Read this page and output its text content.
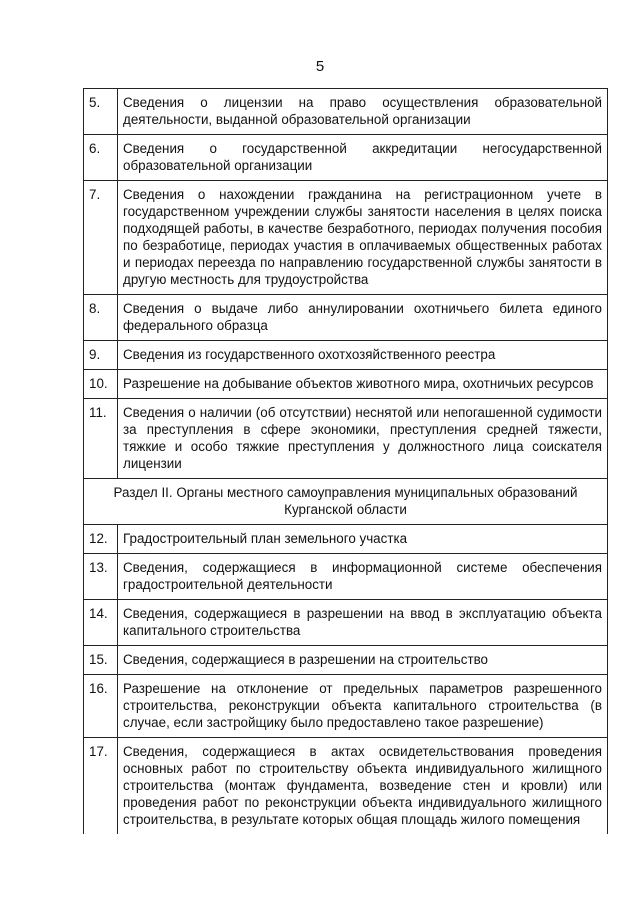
5
5.	Сведения о лицензии на право осуществления образовательной деятельности, выданной образовательной организации
6.	Сведения о государственной аккредитации негосударственной образовательной организации
7.	Сведения о нахождении гражданина на регистрационном учете в государственном учреждении службы занятости населения в целях поиска подходящей работы, в качестве безработного, периодах получения пособия по безработице, периодах участия в оплачиваемых общественных работах и периодах переезда по направлению государственной службы занятости в другую местность для трудоустройства
8.	Сведения о выдаче либо аннулировании охотничьего билета единого федерального образца
9.	Сведения из государственного охотхозяйственного реестра
10.	Разрешение на добывание объектов животного мира, охотничьих ресурсов
11.	Сведения о наличии (об отсутствии) неснятой или непогашенной судимости за преступления в сфере экономики, преступления средней тяжести, тяжкие и особо тяжкие преступления у должностного лица соискателя лицензии
Раздел II. Органы местного самоуправления муниципальных образований Курганской области	
12.	Градостроительный план земельного участка
13.	Сведения, содержащиеся в информационной системе обеспечения градостроительной деятельности
14.	Сведения, содержащиеся в разрешении на ввод в эксплуатацию объекта капитального строительства
15.	Сведения, содержащиеся в разрешении на строительство
16.	Разрешение на отклонение от предельных параметров разрешенного строительства, реконструкции объекта капитального строительства (в случае, если застройщику было предоставлено такое разрешение)
17.	Сведения, содержащиеся в актах освидетельствования проведения основных работ по строительству объекта индивидуального жилищного строительства (монтаж фундамента, возведение стен и кровли) или проведения работ по реконструкции объекта индивидуального жилищного строительства, в результате которых общая площадь жилого помещения
